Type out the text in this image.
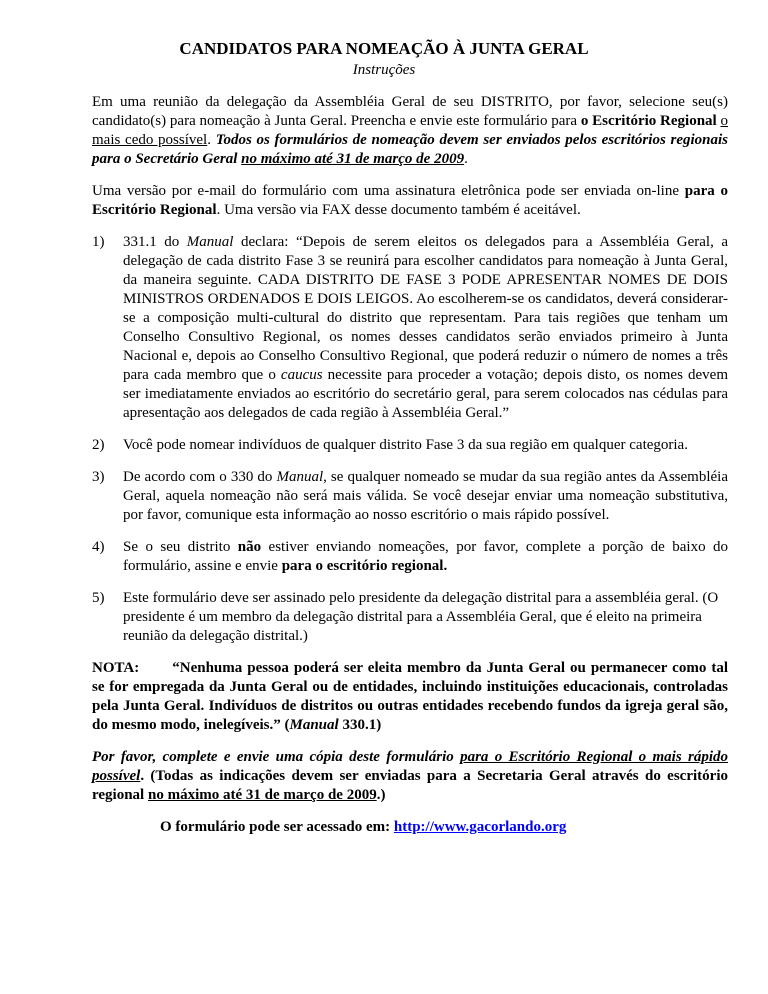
CANDIDATOS PARA NOMEAÇÃO À JUNTA GERAL
Instruções

Em uma reunião da delegação da Assembléia Geral de seu DISTRITO, por favor, selecione seu(s) candidato(s) para nomeação à Junta Geral. Preencha e envie este formulário para o Escritório Regional o mais cedo possível. Todos os formulários de nomeação devem ser enviados pelos escritórios regionais para o Secretário Geral no máximo até 31 de março de 2009.

Uma versão por e-mail do formulário com uma assinatura eletrônica pode ser enviada on-line para o Escritório Regional. Uma versão via FAX desse documento também é aceitável.

1) 331.1 do Manual declara: “Depois de serem eleitos os delegados para a Assembléia Geral, a delegação de cada distrito Fase 3 se reunirá para escolher candidatos para nomeação à Junta Geral, da maneira seguinte. CADA DISTRITO DE FASE 3 PODE APRESENTAR NOMES DE DOIS MINISTROS ORDENADOS E DOIS LEIGOS. Ao escolherem-se os candidatos, deverá considerar-se a composição multi-cultural do distrito que representam. Para tais regiões que tenham um Conselho Consultivo Regional, os nomes desses candidatos serão enviados primeiro à Junta Nacional e, depois ao Conselho Consultivo Regional, que poderá reduzir o número de nomes a três para cada membro que o caucus necessite para proceder a votação; depois disto, os nomes devem ser imediatamente enviados ao escritório do secretário geral, para serem colocados nas cédulas para apresentação aos delegados de cada região à Assembléia Geral.”
2) Você pode nomear indivíduos de qualquer distrito Fase 3 da sua região em qualquer categoria.
3) De acordo com o 330 do Manual, se qualquer nomeado se mudar da sua região antes da Assembléia Geral, aquela nomeação não será mais válida. Se você desejar enviar uma nomeação substitutiva, por favor, comunique esta informação ao nosso escritório o mais rápido possível.
4) Se o seu distrito não estiver enviando nomeações, por favor, complete a porção de baixo do formulário, assine e envie para o escritório regional.
5) Este formulário deve ser assinado pelo presidente da delegação distrital para a assembléia geral. (O presidente é um membro da delegação distrital para a Assembléia Geral, que é eleito na primeira reunião da delegação distrital.)

NOTA: “Nenhuma pessoa poderá ser eleita membro da Junta Geral ou permanecer como tal se for empregada da Junta Geral ou de entidades, incluindo instituições educacionais, controladas pela Junta Geral. Indivíduos de distritos ou outras entidades recebendo fundos da igreja geral são, do mesmo modo, inelegíveis.” (Manual 330.1)

Por favor, complete e envie uma cópia deste formulário para o Escritório Regional o mais rápido possível. (Todas as indicações devem ser enviadas para a Secretaria Geral através do escritório regional no máximo até 31 de março de 2009.)

O formulário pode ser acessado em: http://www.gacorlando.org
